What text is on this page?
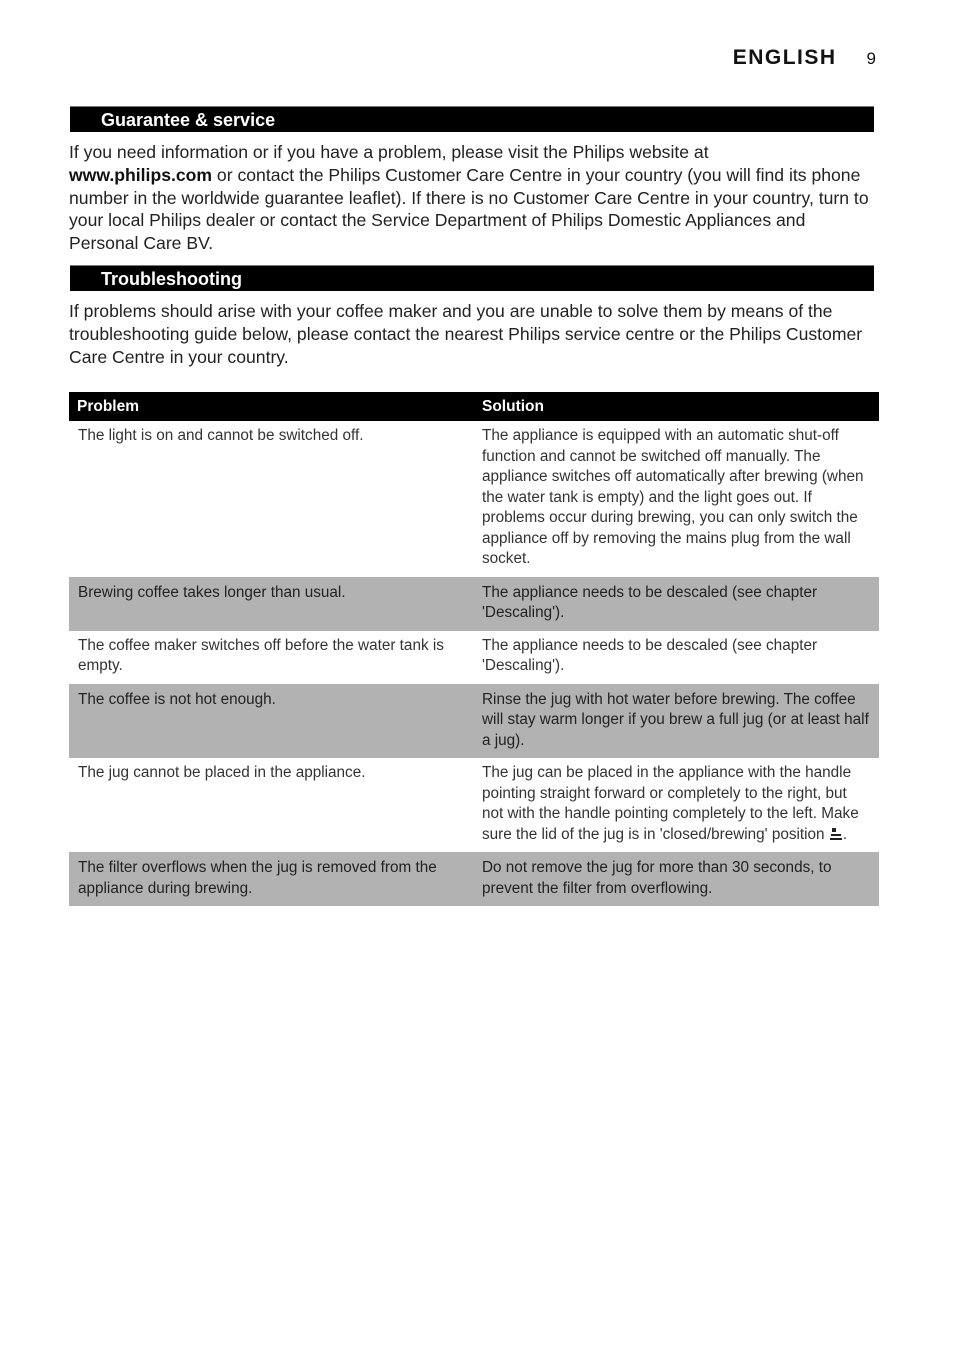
ENGLISH 9
Guarantee & service
If you need information or if you have a problem, please visit the Philips website at
www.philips.com or contact the Philips Customer Care Centre in your country (you will find its phone number in the worldwide guarantee leaflet). If there is no Customer Care Centre in your country, turn to your local Philips dealer or contact the Service Department of Philips Domestic Appliances and Personal Care BV.
Troubleshooting
If problems should arise with your coffee maker and you are unable to solve them by means of the troubleshooting guide below, please contact the nearest Philips service centre or the Philips Customer Care Centre in your country.
Problem	Solution
The light is on and cannot be switched off.	The appliance is equipped with an automatic shut-off function and cannot be switched off manually. The appliance switches off automatically after brewing (when the water tank is empty) and the light goes out. If problems occur during brewing, you can only switch the appliance off by removing the mains plug from the wall socket.
Brewing coffee takes longer than usual.	The appliance needs to be descaled (see chapter 'Descaling').
The coffee maker switches off before the water tank is empty.	The appliance needs to be descaled (see chapter 'Descaling').
The coffee is not hot enough.	Rinse the jug with hot water before brewing. The coffee will stay warm longer if you brew a full jug (or at least half a jug).
The jug cannot be placed in the appliance.	The jug can be placed in the appliance with the handle pointing straight forward or completely to the right, but not with the handle pointing completely to the left. Make sure the lid of the jug is in 'closed/brewing' position .
The filter overflows when the jug is removed from the appliance during brewing.	Do not remove the jug for more than 30 seconds, to prevent the filter from overflowing.
